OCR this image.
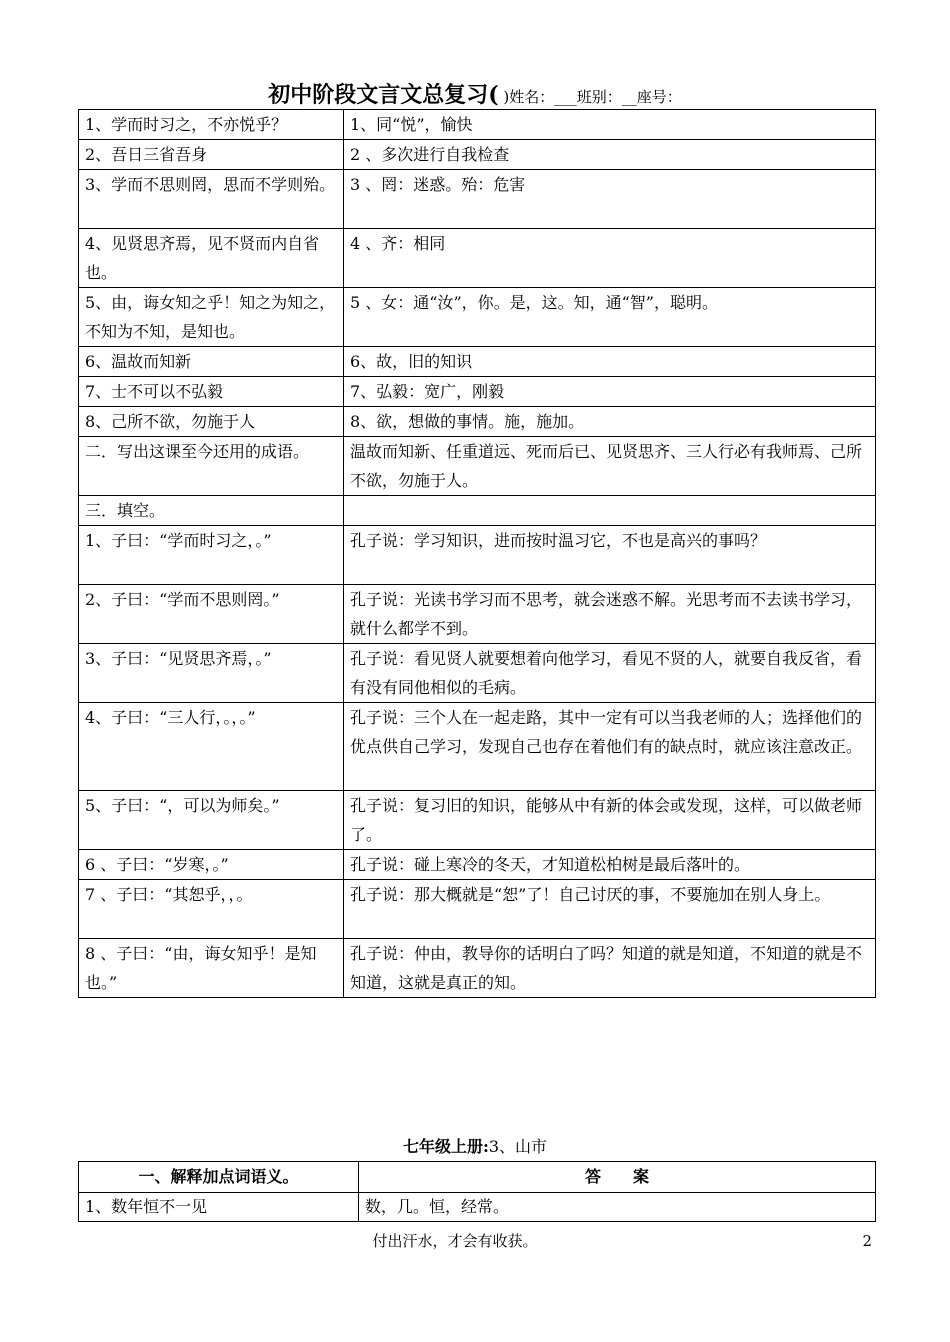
初中阶段文言文总复习( )姓名：___班别：__座号：
1、学而时习之，不亦悦乎？	1、同“悦”，愉快
2、吾日三省吾身	2 、多次进行自我检查
3、学而不思则罔，思而不学则殆。	3 、罔：迷惑。殆：危害
4、见贤思齐焉，见不贤而内自省也。	4 、齐：相同
5、由，诲女知之乎！知之为知之，不知为不知，是知也。	5 、女：通“汝”，你。是，这。知，通“智”，聪明。
6、温故而知新	6、故，旧的知识
7、士不可以不弘毅	7、弘毅：宽广，刚毅
8、己所不欲，勿施于人	8、欲，想做的事情。施，施加。
二．写出这课至今还用的成语。	温故而知新、任重道远、死而后已、见贤思齐、三人行必有我师焉、己所不欲，勿施于人。
三．填空。	
1、子曰：“学而时习之，。”	孔子说：学习知识，进而按时温习它，不也是高兴的事吗？
2、子曰：“学而不思则罔。”	孔子说：光读书学习而不思考，就会迷惑不解。光思考而不去读书学习，就什么都学不到。
3、子曰：“见贤思齐焉，。”	孔子说：看见贤人就要想着向他学习，看见不贤的人，就要自我反省，看有没有同他相似的毛病。
4、子曰：“三人行，。，。”	孔子说：三个人在一起走路，其中一定有可以当我老师的人；选择他们的优点供自己学习，发现自己也存在着他们有的缺点时，就应该注意改正。
5、子曰：“，可以为师矣。”	孔子说：复习旧的知识，能够从中有新的体会或发现，这样，可以做老师了。
6 、子曰：“岁寒，。”	孔子说：碰上寒冷的冬天，才知道松柏树是最后落叶的。
7 、子曰：“其恕乎，，。	孔子说：那大概就是“恕”了！自己讨厌的事，不要施加在别人身上。
8 、子曰：“由，诲女知乎！是知也。”	孔子说：仲由，教导你的话明白了吗？知道的就是知道，不知道的就是不知道，这就是真正的知。
七年级上册:3、山市
一、解释加点词语义。	答　　案
1、数年恒不一见	数，几。恒，经常。
付出汗水，才会有收获。	2
